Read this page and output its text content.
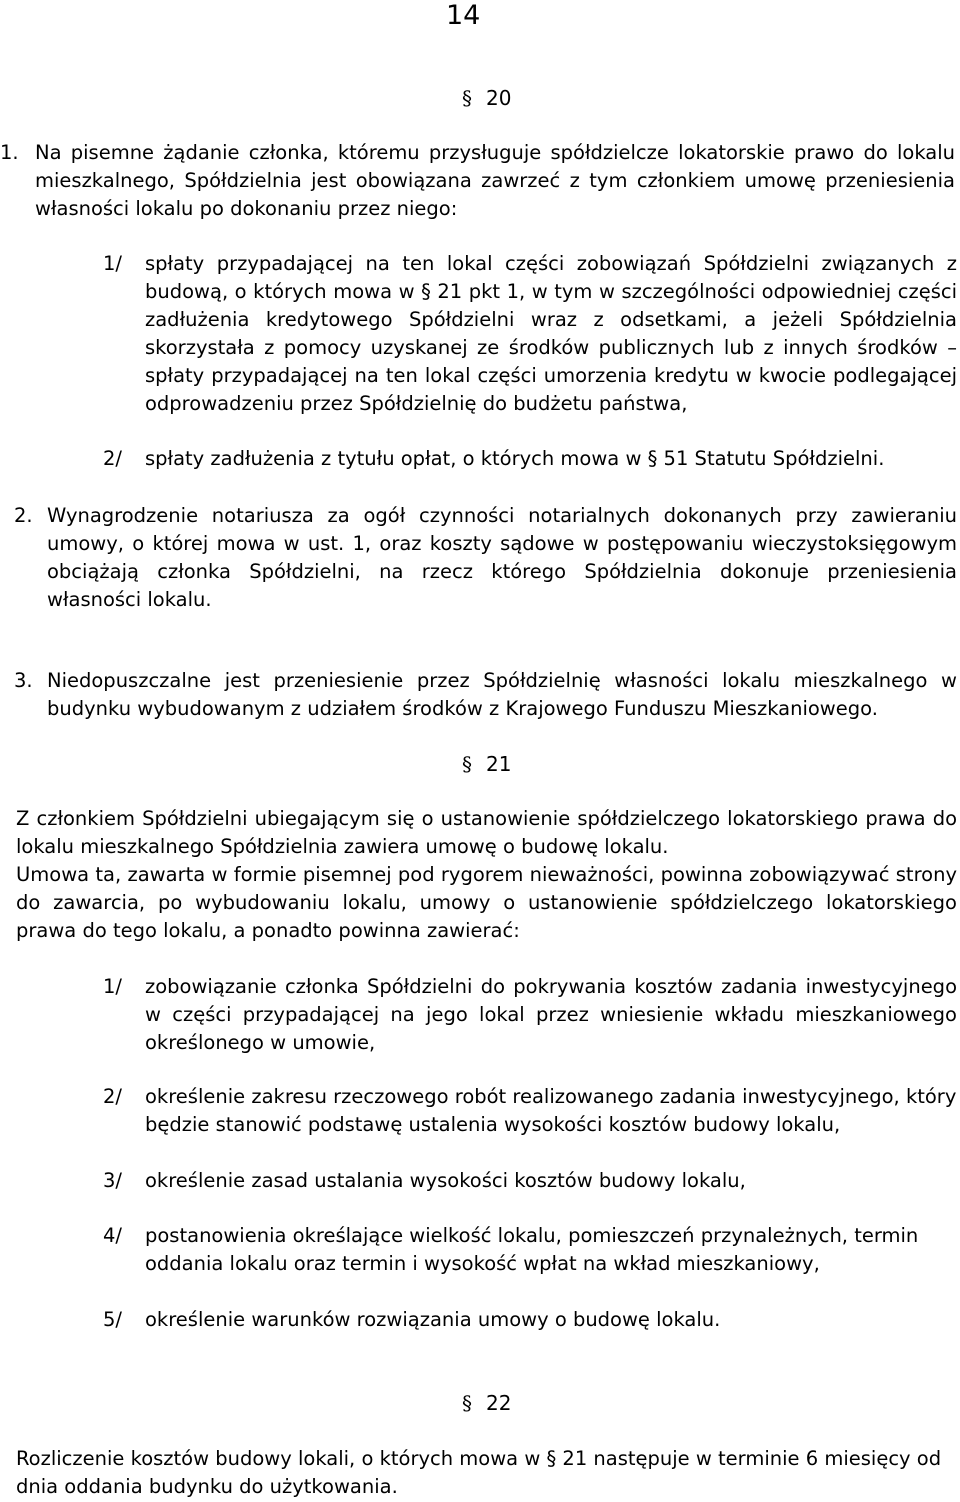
14
§ 20
1. Na pisemne żądanie członka, któremu przysługuje spółdzielcze lokatorskie prawo do lokalu mieszkalnego, Spółdzielnia jest obowiązana zawrzeć z tym członkiem umowę przeniesienia własności lokalu po dokonaniu przez niego:
1/ spłaty przypadającej na ten lokal części zobowiązań Spółdzielni związanych z budową, o których mowa w § 21 pkt 1, w tym w szczególności odpowiedniej części zadłużenia kredytowego Spółdzielni wraz z odsetkami, a jeżeli Spółdzielnia skorzystała z pomocy uzyskanej ze środków publicznych lub z innych środków – spłaty przypadającej na ten lokal części umorzenia kredytu w kwocie podlegającej odprowadzeniu przez Spółdzielnię do budżetu państwa,
2/ spłaty zadłużenia z tytułu opłat, o których mowa w § 51 Statutu Spółdzielni.
2. Wynagrodzenie notariusza za ogół czynności notarialnych dokonanych przy zawieraniu umowy, o której mowa w ust. 1, oraz koszty sądowe w postępowaniu wieczystoksięgowym obciążają członka Spółdzielni, na rzecz którego Spółdzielnia dokonuje przeniesienia własności lokalu.
3. Niedopuszczalne jest przeniesienie przez Spółdzielnię własności lokalu mieszkalnego w budynku wybudowanym z udziałem środków z Krajowego Funduszu Mieszkaniowego.
§ 21
Z członkiem Spółdzielni ubiegającym się o ustanowienie spółdzielczego lokatorskiego prawa do lokalu mieszkalnego Spółdzielnia zawiera umowę o budowę lokalu.
Umowa ta, zawarta w formie pisemnej pod rygorem nieważności, powinna zobowiązywać strony do zawarcia, po wybudowaniu lokalu, umowy o ustanowienie spółdzielczego lokatorskiego prawa do tego lokalu, a ponadto powinna zawierać:
1/ zobowiązanie członka Spółdzielni do pokrywania kosztów zadania inwestycyjnego w części przypadającej na jego lokal przez wniesienie wkładu mieszkaniowego określonego w umowie,
2/ określenie zakresu rzeczowego robót realizowanego zadania inwestycyjnego, który będzie stanowić podstawę ustalenia wysokości kosztów budowy lokalu,
3/ określenie zasad ustalania wysokości kosztów budowy lokalu,
4/ postanowienia określające wielkość lokalu, pomieszczeń przynależnych, termin oddania lokalu oraz termin i wysokość wpłat na wkład mieszkaniowy,
5/ określenie warunków rozwiązania umowy o budowę lokalu.
§ 22
Rozliczenie kosztów budowy lokali, o których mowa w § 21 następuje w terminie 6 miesięcy od dnia oddania budynku do użytkowania.
